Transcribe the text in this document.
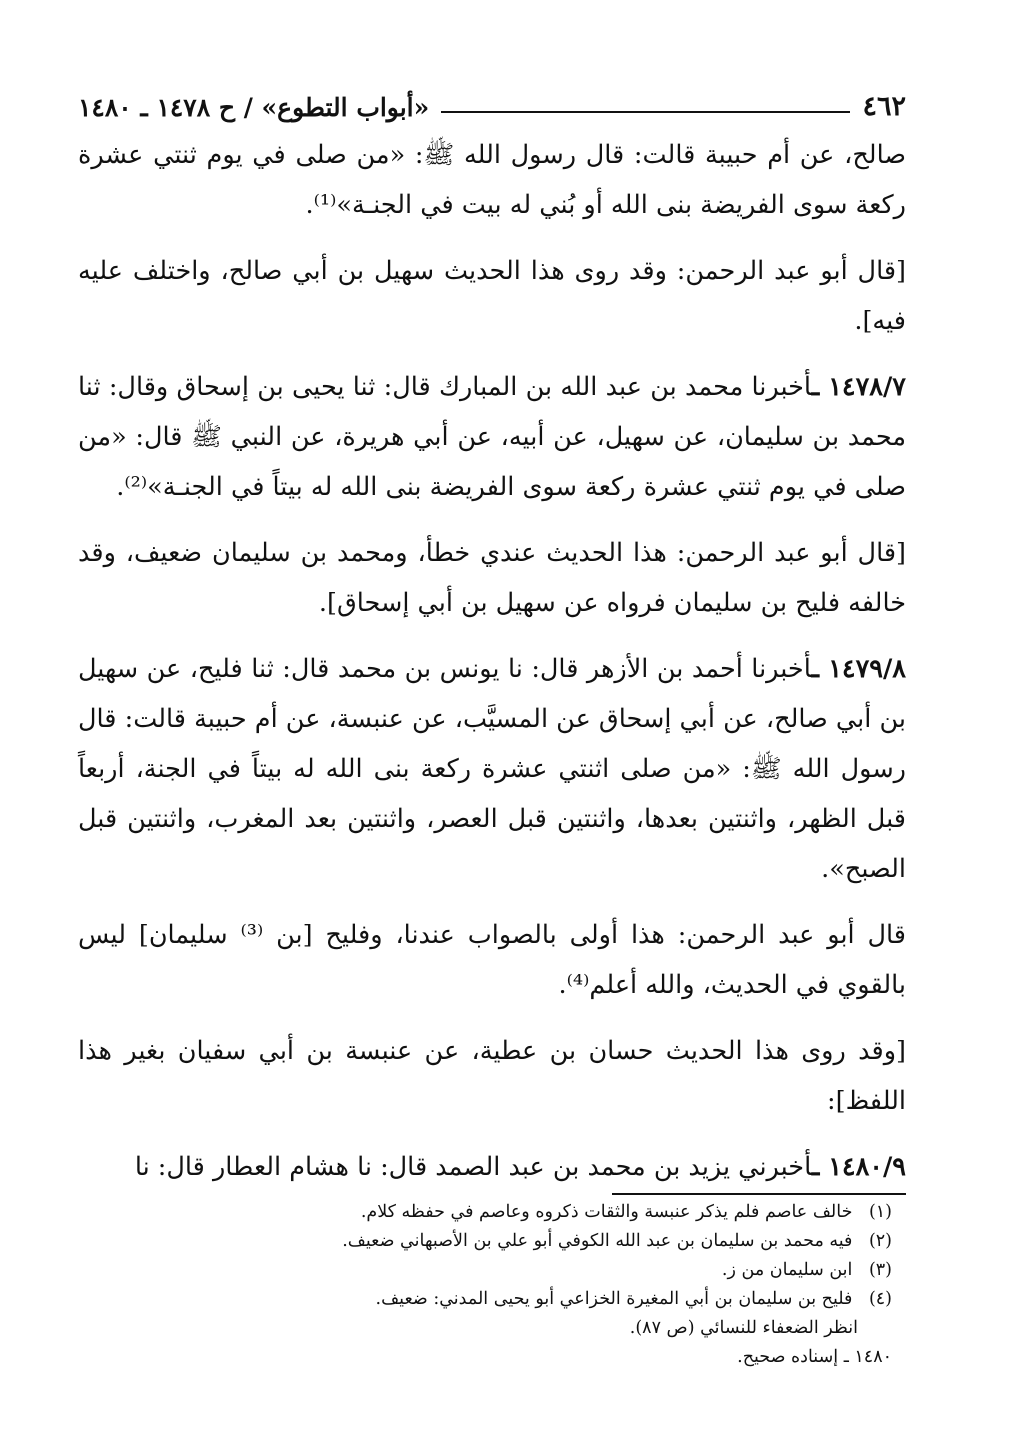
٤٦٢
«أبواب التطوع» / ح ١٤٧٨ ـ ١٤٨٠

صالح، عن أم حبيبة قالت: قال رسول الله ﷺ: «من صلى في يوم ثنتي عشرة ركعة سوى الفريضة بنى الله أو بُني له بيت في الجنـة»⁽¹⁾.

[قال أبو عبد الرحمن: وقد روى هذا الحديث سهيل بن أبي صالح، واختلف عليه فيه].

١٤٧٨/٧ ـأخبرنا محمد بن عبد الله بن المبارك قال: ثنا يحيى بن إسحاق وقال: ثنا محمد بن سليمان، عن سهيل، عن أبيه، عن أبي هريرة، عن النبي ﷺ قال: «من صلى في يوم ثنتي عشرة ركعة سوى الفريضة بنى الله له بيتاً في الجنـة»⁽²⁾.

[قال أبو عبد الرحمن: هذا الحديث عندي خطأ، ومحمد بن سليمان ضعيف، وقد خالفه فليح بن سليمان فرواه عن سهيل بن أبي إسحاق].

١٤٧٩/٨ ـأخبرنا أحمد بن الأزهر قال: نا يونس بن محمد قال: ثنا فليح، عن سهيل بن أبي صالح، عن أبي إسحاق عن المسيَّب، عن عنبسة، عن أم حبيبة قالت: قال رسول الله ﷺ: «من صلى اثنتي عشرة ركعة بنى الله له بيتاً في الجنة، أربعاً قبل الظهر، واثنتين بعدها، واثنتين قبل العصر، واثنتين بعد المغرب، واثنتين قبل الصبح».

قال أبو عبد الرحمن: هذا أولى بالصواب عندنا، وفليح [بن ⁽³⁾ سليمان] ليس بالقوي في الحديث، والله أعلم⁽⁴⁾.

[وقد روى هذا الحديث حسان بن عطية، عن عنبسة بن أبي سفيان بغير هذا اللفظ]:

١٤٨٠/٩ ـأخبرني يزيد بن محمد بن عبد الصمد قال: نا هشام العطار قال: نا

(١) خالف عاصم فلم يذكر عنبسة والثقات ذكروه وعاصم في حفظه كلام.

(٢) فيه محمد بن سليمان بن عبد الله الكوفي أبو علي بن الأصبهاني ضعيف.

(٣) ابن سليمان من ز.

(٤) فليح بن سليمان بن أبي المغيرة الخزاعي أبو يحيى المدني: ضعيف.

انظر الضعفاء للنسائي (ص ٨٧).

١٤٨٠ ـ إسناده صحيح.
